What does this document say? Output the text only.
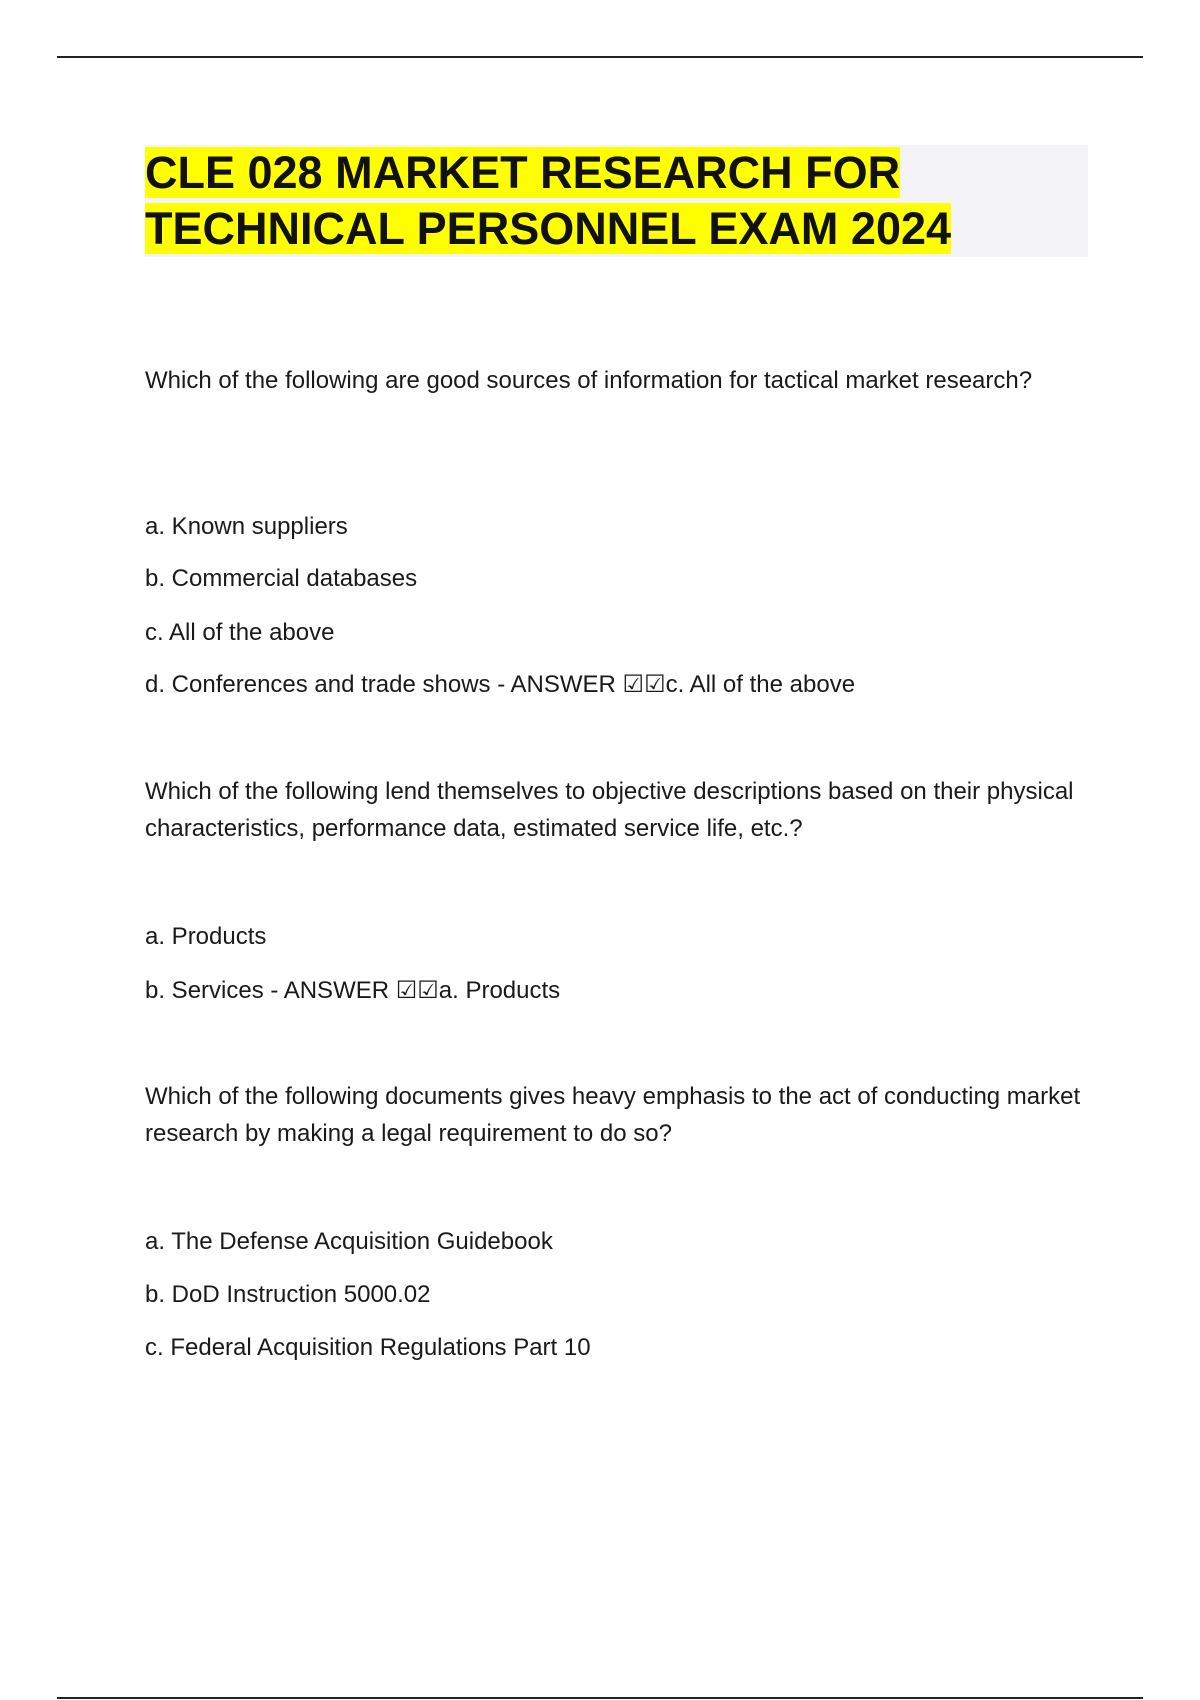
CLE 028 MARKET RESEARCH FOR
TECHNICAL PERSONNEL EXAM 2024

Which of the following are good sources of information for tactical market research?

a. Known suppliers

b. Commercial databases

c. All of the above

d. Conferences and trade shows - ANSWER ☑☑c. All of the above

Which of the following lend themselves to objective descriptions based on their physical characteristics, performance data, estimated service life, etc.?

a. Products

b. Services - ANSWER ☑☑a. Products

Which of the following documents gives heavy emphasis to the act of conducting market research by making a legal requirement to do so?

a. The Defense Acquisition Guidebook

b. DoD Instruction 5000.02

c. Federal Acquisition Regulations Part 10
